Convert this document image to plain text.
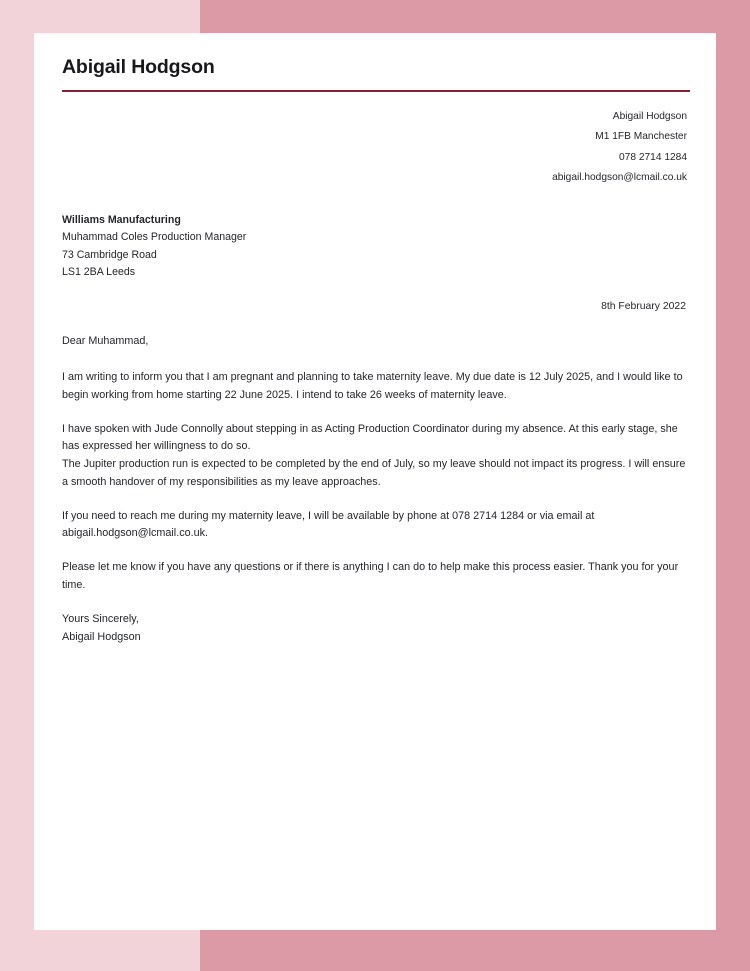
Abigail Hodgson
Abigail Hodgson
M1 1FB Manchester
078 2714 1284
abigail.hodgson@lcmail.co.uk
Williams Manufacturing
Muhammad Coles Production Manager
73 Cambridge Road
LS1 2BA Leeds
8th February 2022
Dear Muhammad,

I am writing to inform you that I am pregnant and planning to take maternity leave. My due date is 12 July 2025, and I would like to begin working from home starting 22 June 2025. I intend to take 26 weeks of maternity leave.

I have spoken with Jude Connolly about stepping in as Acting Production Coordinator during my absence. At this early stage, she has expressed her willingness to do so.

The Jupiter production run is expected to be completed by the end of July, so my leave should not impact its progress. I will ensure a smooth handover of my responsibilities as my leave approaches.

If you need to reach me during my maternity leave, I will be available by phone at 078 2714 1284 or via email at abigail.hodgson@lcmail.co.uk.

Please let me know if you have any questions or if there is anything I can do to help make this process easier. Thank you for your time.

Yours Sincerely,
Abigail Hodgson
